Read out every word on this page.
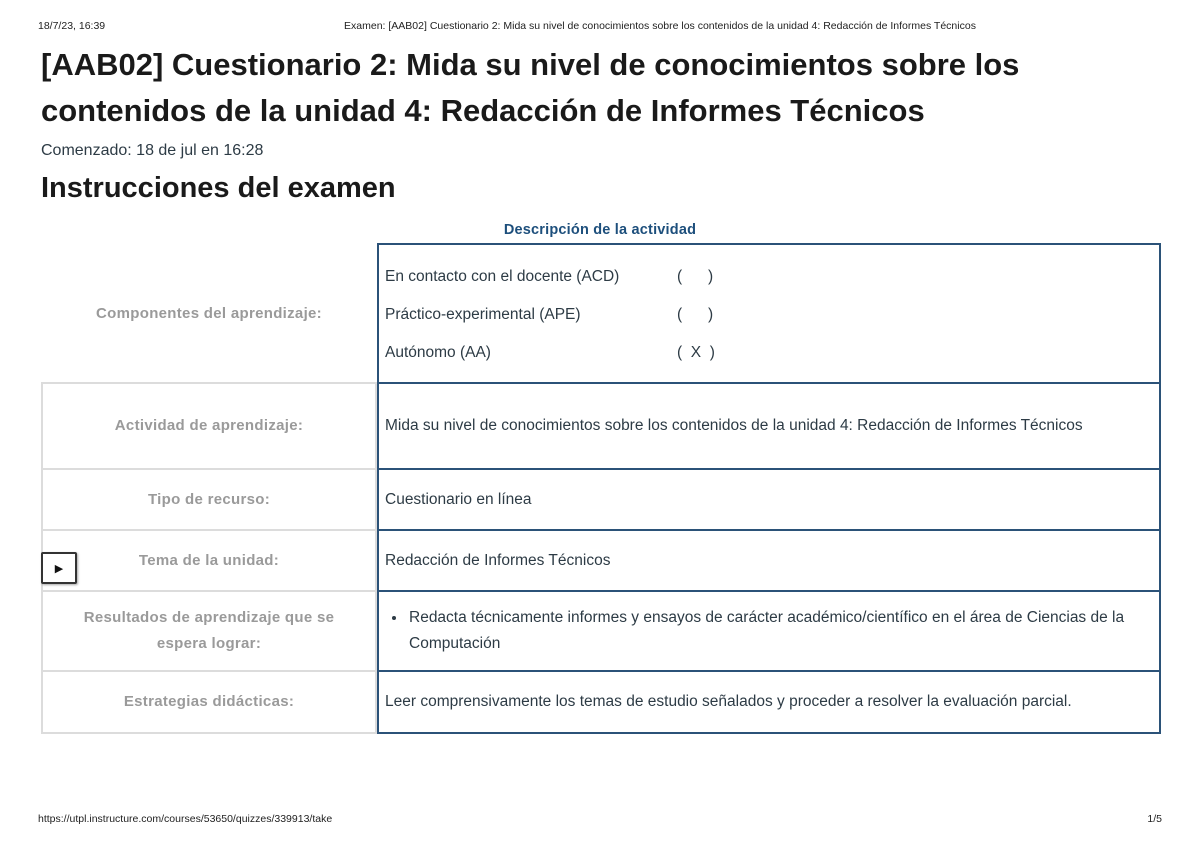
18/7/23, 16:39	Examen: [AAB02] Cuestionario 2: Mida su nivel de conocimientos sobre los contenidos de la unidad 4: Redacción de Informes Técnicos
[AAB02] Cuestionario 2: Mida su nivel de conocimientos sobre los contenidos de la unidad 4: Redacción de Informes Técnicos
Comenzado: 18 de jul en 16:28
Instrucciones del examen
Descripción de la actividad
Componentes del aprendizaje:
En contacto con el docente (ACD)	(      )
Práctico-experimental (APE)	(      )
Autónomo (AA)	(  X  )
Actividad de aprendizaje:	Mida su nivel de conocimientos sobre los contenidos de la unidad 4: Redacción de Informes Técnicos
Tipo de recurso:	Cuestionario en línea
Tema de la unidad:	Redacción de Informes Técnicos
Resultados de aprendizaje que se espera lograr:
• Redacta técnicamente informes y ensayos de carácter académico/científico en el área de Ciencias de la Computación
Estrategias didácticas:	Leer comprensivamente los temas de estudio señalados y proceder a resolver la evaluación parcial.
▶
https://utpl.instructure.com/courses/53650/quizzes/339913/take	1/5
